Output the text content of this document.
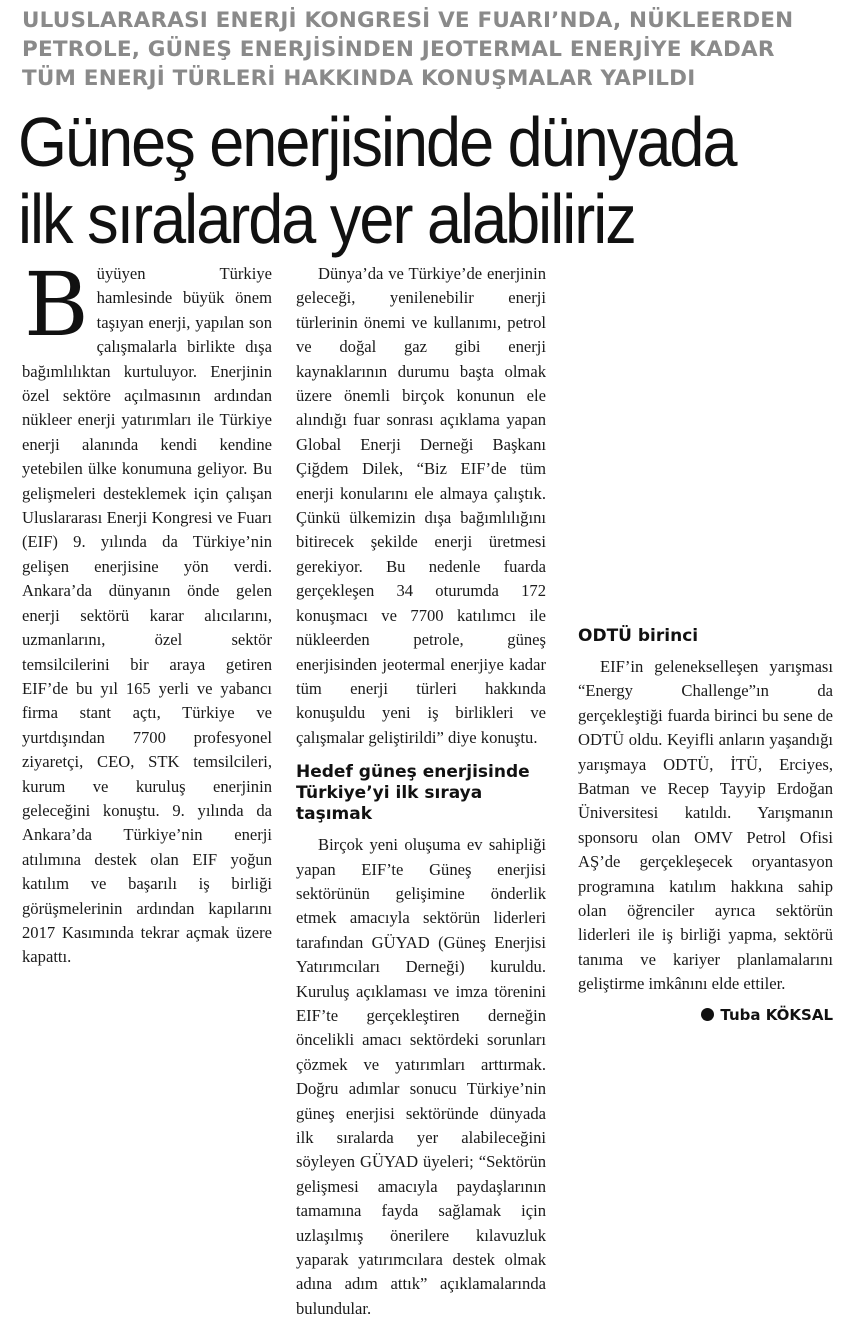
ULUSLARARASI ENERJİ KONGRESİ VE FUARI’NDA, NÜKLEERDEN
PETROLE, GÜNEŞ ENERJİSİNDEN JEOTERMAL ENERJİYE KADAR
TÜM ENERJİ TÜRLERİ HAKKINDA KONUŞMALAR YAPILDI
Güneş enerjisinde dünyada
ilk sıralarda yer alabiliriz

Büyüyen Türkiye hamlesinde büyük önem taşıyan enerji, yapılan son çalışmalarla birlikte dışa bağımlılıktan kurtuluyor. Enerjinin özel sektöre açılmasının ardından nükleer enerji yatırımları ile Türkiye enerji alanında kendi kendine yetebilen ülke konumuna geliyor. Bu gelişmeleri desteklemek için çalışan Uluslararası Enerji Kongresi ve Fuarı (EIF) 9. yılında da Türkiye’nin gelişen enerjisine yön verdi. Ankara’da dünyanın önde gelen enerji sektörü karar alıcılarını, uzmanlarını, özel sektör temsilcilerini bir araya getiren EIF’de bu yıl 165 yerli ve yabancı firma stant açtı, Türkiye ve yurtdışından 7700 profesyonel ziyaretçi, CEO, STK temsilcileri, kurum ve kuruluş enerjinin geleceğini konuştu. 9. yılında da Ankara’da Türkiye’nin enerji atılımına destek olan EIF yoğun katılım ve başarılı iş birliği görüşmelerinin ardından kapılarını 2017 Kasımında tekrar açmak üzere kapattı.

Dünya’da ve Türkiye’de enerjinin geleceği, yenilenebilir enerji türlerinin önemi ve kullanımı, petrol ve doğal gaz gibi enerji kaynaklarının durumu başta olmak üzere önemli birçok konunun ele alındığı fuar sonrası açıklama yapan Global Enerji Derneği Başkanı Çiğdem Dilek, “Biz EIF’de tüm enerji konularını ele almaya çalıştık. Çünkü ülkemizin dışa bağımlılığını bitirecek şekilde enerji üretmesi gerekiyor. Bu nedenle fuarda gerçekleşen 34 oturumda 172 konuşmacı ve 7700 katılımcı ile nükleerden petrole, güneş enerjisinden jeotermal enerjiye kadar tüm enerji türleri hakkında konuşuldu yeni iş birlikleri ve çalışmalar geliştirildi” diye konuştu.

Hedef güneş enerjisinde Türkiye’yi ilk sıraya taşımak

Birçok yeni oluşuma ev sahipliği yapan EIF’te Güneş enerjisi sektörünün gelişimine önderlik etmek amacıyla sektörün liderleri tarafından GÜYAD (Güneş Enerjisi Yatırımcıları Derneği) kuruldu. Kuruluş açıklaması ve imza törenini EIF’te gerçekleştiren derneğin öncelikli amacı sektördeki sorunları çözmek ve yatırımları arttırmak. Doğru adımlar sonucu Türkiye’nin güneş enerjisi sektöründe dünyada ilk sıralarda yer alabileceğini söyleyen GÜYAD üyeleri; “Sektörün gelişmesi amacıyla paydaşlarının tamamına fayda sağlamak için uzlaşılmış önerilere kılavuzluk yaparak yatırımcılara destek olmak adına adım attık” açıklamalarında bulundular.

ODTÜ birinci

EIF’in gelenekselleşen yarışması “Energy Challenge”ın da gerçekleştiği fuarda birinci bu sene de ODTÜ oldu. Keyifli anların yaşandığı yarışmaya ODTÜ, İTÜ, Erciyes, Batman ve Recep Tayyip Erdoğan Üniversitesi katıldı. Yarışmanın sponsoru olan OMV Petrol Ofisi AŞ’de gerçekleşecek oryantasyon programına katılım hakkına sahip olan öğrenciler ayrıca sektörün liderleri ile iş birliği yapma, sektörü tanıma ve kariyer planlamalarını geliştirme imkânını elde ettiler.

Tuba KÖKSAL
